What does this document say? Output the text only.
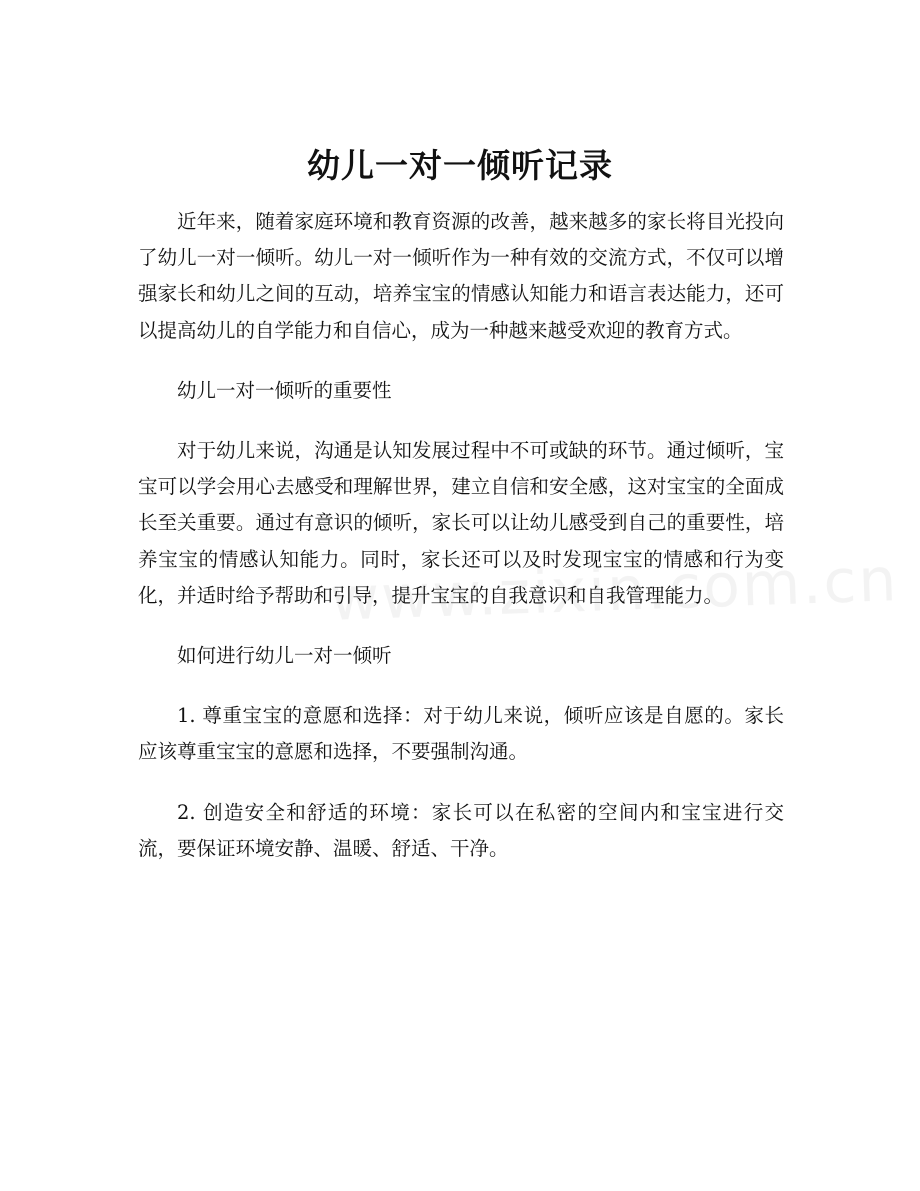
幼儿一对一倾听记录

近年来，随着家庭环境和教育资源的改善，越来越多的家长将目光投向了幼儿一对一倾听。幼儿一对一倾听作为一种有效的交流方式，不仅可以增强家长和幼儿之间的互动，培养宝宝的情感认知能力和语言表达能力，还可以提高幼儿的自学能力和自信心，成为一种越来越受欢迎的教育方式。

幼儿一对一倾听的重要性

对于幼儿来说，沟通是认知发展过程中不可或缺的环节。通过倾听，宝宝可以学会用心去感受和理解世界，建立自信和安全感，这对宝宝的全面成长至关重要。通过有意识的倾听，家长可以让幼儿感受到自己的重要性，培养宝宝的情感认知能力。同时，家长还可以及时发现宝宝的情感和行为变化，并适时给予帮助和引导，提升宝宝的自我意识和自我管理能力。

如何进行幼儿一对一倾听

1. 尊重宝宝的意愿和选择：对于幼儿来说，倾听应该是自愿的。家长应该尊重宝宝的意愿和选择，不要强制沟通。

2. 创造安全和舒适的环境：家长可以在私密的空间内和宝宝进行交流，要保证环境安静、温暖、舒适、干净。
